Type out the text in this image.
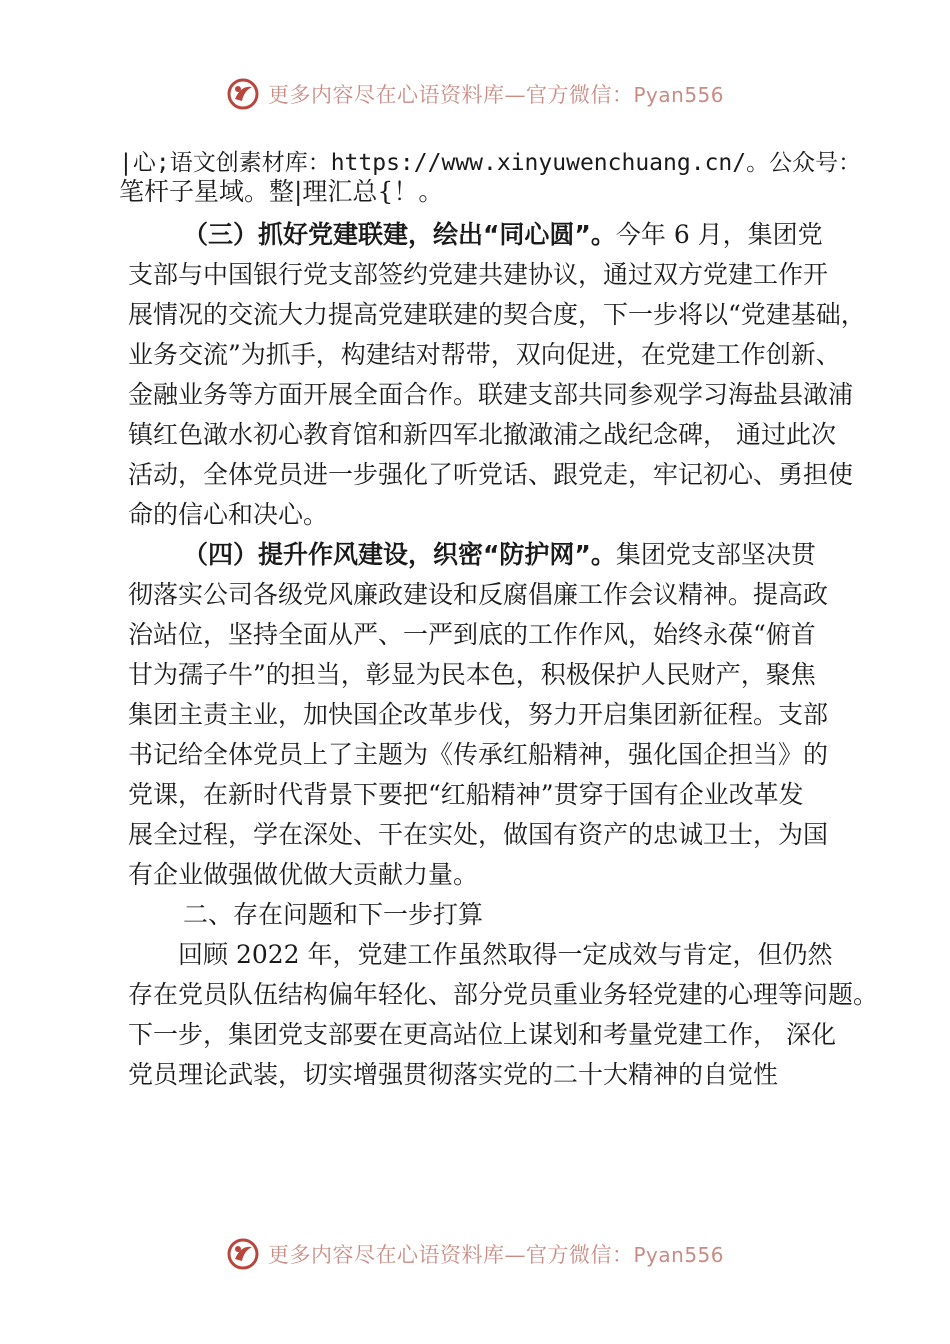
更多内容尽在心语资料库—官方微信：Pyan556
|心;语文创素材库：https://www.xinyuwenchuang.cn/。公众号：
笔杆子星域。整|理汇总{！。
（三）抓好党建联建，绘出“同心圆”。今年 6 月，集团党
支部与中国银行党支部签约党建共建协议，通过双方党建工作开
展情况的交流大力提高党建联建的契合度，下一步将以“党建基础，
业务交流”为抓手，构建结对帮带，双向促进，在党建工作创新、
金融业务等方面开展全面合作。联建支部共同参观学习海盐县澉浦
镇红色澉水初心教育馆和新四军北撤澉浦之战纪念碑， 通过此次
活动，全体党员进一步强化了听党话、跟党走，牢记初心、勇担使
命的信心和决心。
（四）提升作风建设，织密“防护网”。集团党支部坚决贯
彻落实公司各级党风廉政建设和反腐倡廉工作会议精神。提高政
治站位，坚持全面从严、一严到底的工作作风，始终永葆“俯首
甘为孺子牛”的担当，彰显为民本色，积极保护人民财产，聚焦
集团主责主业，加快国企改革步伐，努力开启集团新征程。支部
书记给全体党员上了主题为《传承红船精神，强化国企担当》的
党课，在新时代背景下要把“红船精神”贯穿于国有企业改革发
展全过程，学在深处、干在实处，做国有资产的忠诚卫士，为国
有企业做强做优做大贡献力量。
二、存在问题和下一步打算
回顾 2022 年，党建工作虽然取得一定成效与肯定，但仍然
存在党员队伍结构偏年轻化、部分党员重业务轻党建的心理等问题。
下一步，集团党支部要在更高站位上谋划和考量党建工作， 深化
党员理论武装，切实增强贯彻落实党的二十大精神的自觉性
更多内容尽在心语资料库—官方微信：Pyan556
